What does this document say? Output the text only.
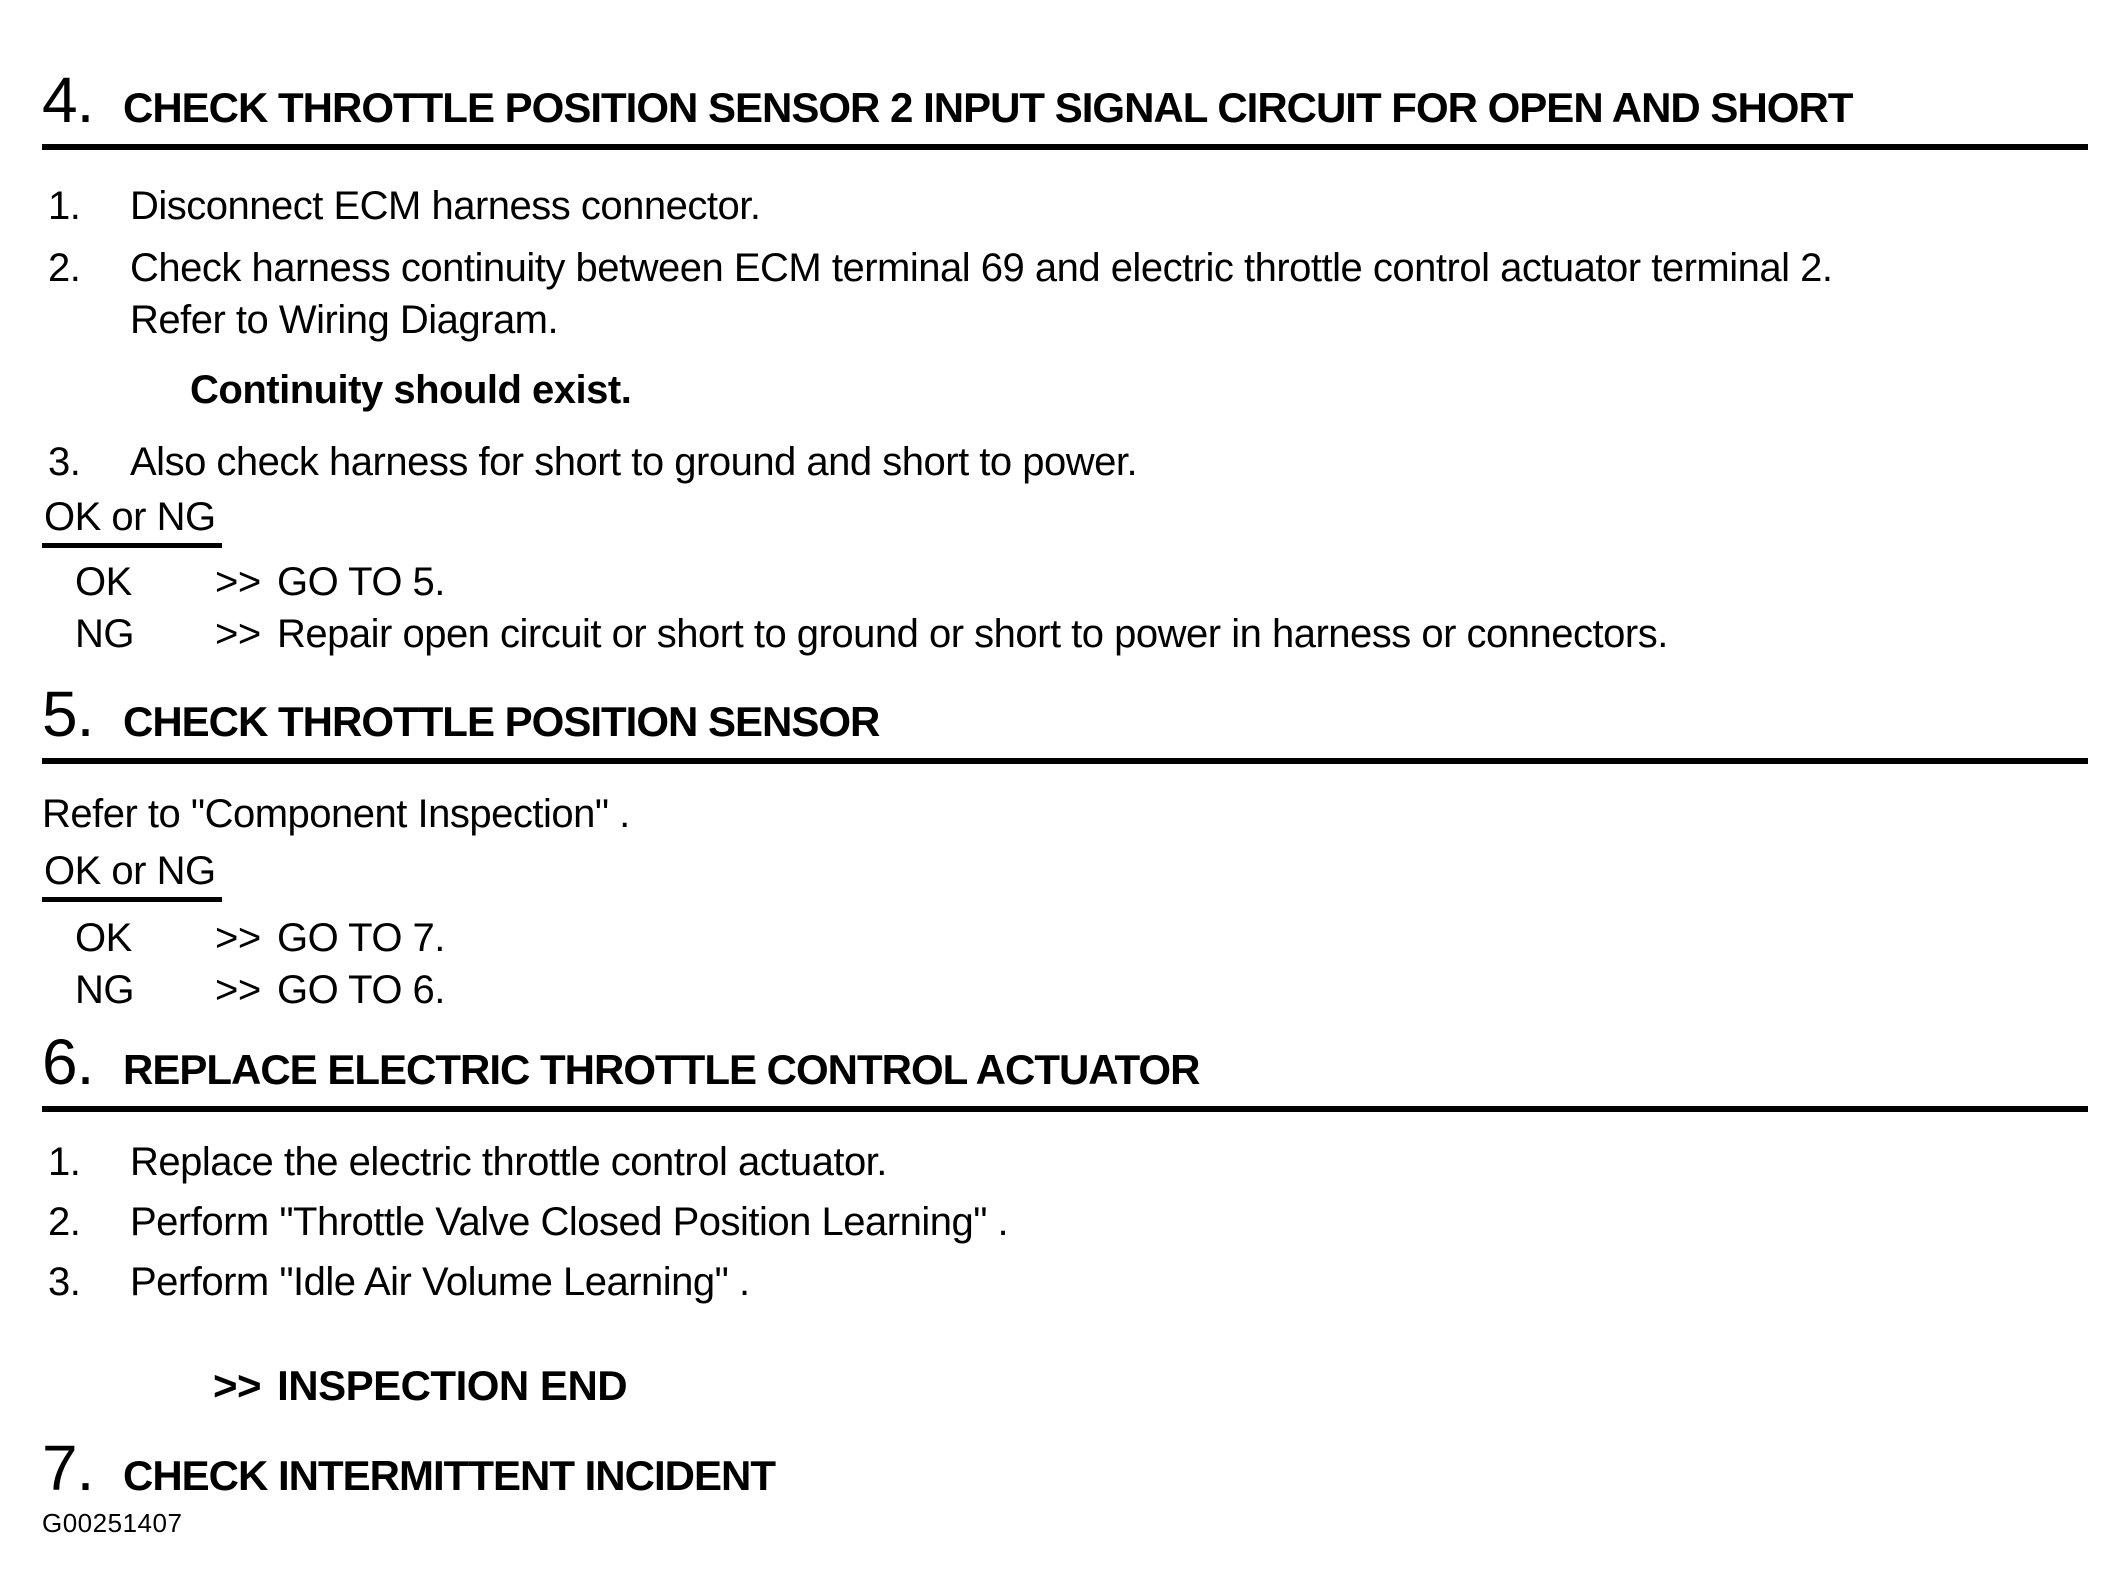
4. CHECK THROTTLE POSITION SENSOR 2 INPUT SIGNAL CIRCUIT FOR OPEN AND SHORT
1.	Disconnect ECM harness connector.
2.	Check harness continuity between ECM terminal 69 and electric throttle control actuator terminal 2.
Refer to Wiring Diagram.
Continuity should exist.
3.	Also check harness for short to ground and short to power.
OK or NG
OK	>> GO TO 5.
NG	>> Repair open circuit or short to ground or short to power in harness or connectors.
5. CHECK THROTTLE POSITION SENSOR
Refer to "Component Inspection" .
OK or NG
OK	>> GO TO 7.
NG	>> GO TO 6.
6. REPLACE ELECTRIC THROTTLE CONTROL ACTUATOR
1.	Replace the electric throttle control actuator.
2.	Perform "Throttle Valve Closed Position Learning" .
3.	Perform "Idle Air Volume Learning" .
>> INSPECTION END
7. CHECK INTERMITTENT INCIDENT
G00251407
